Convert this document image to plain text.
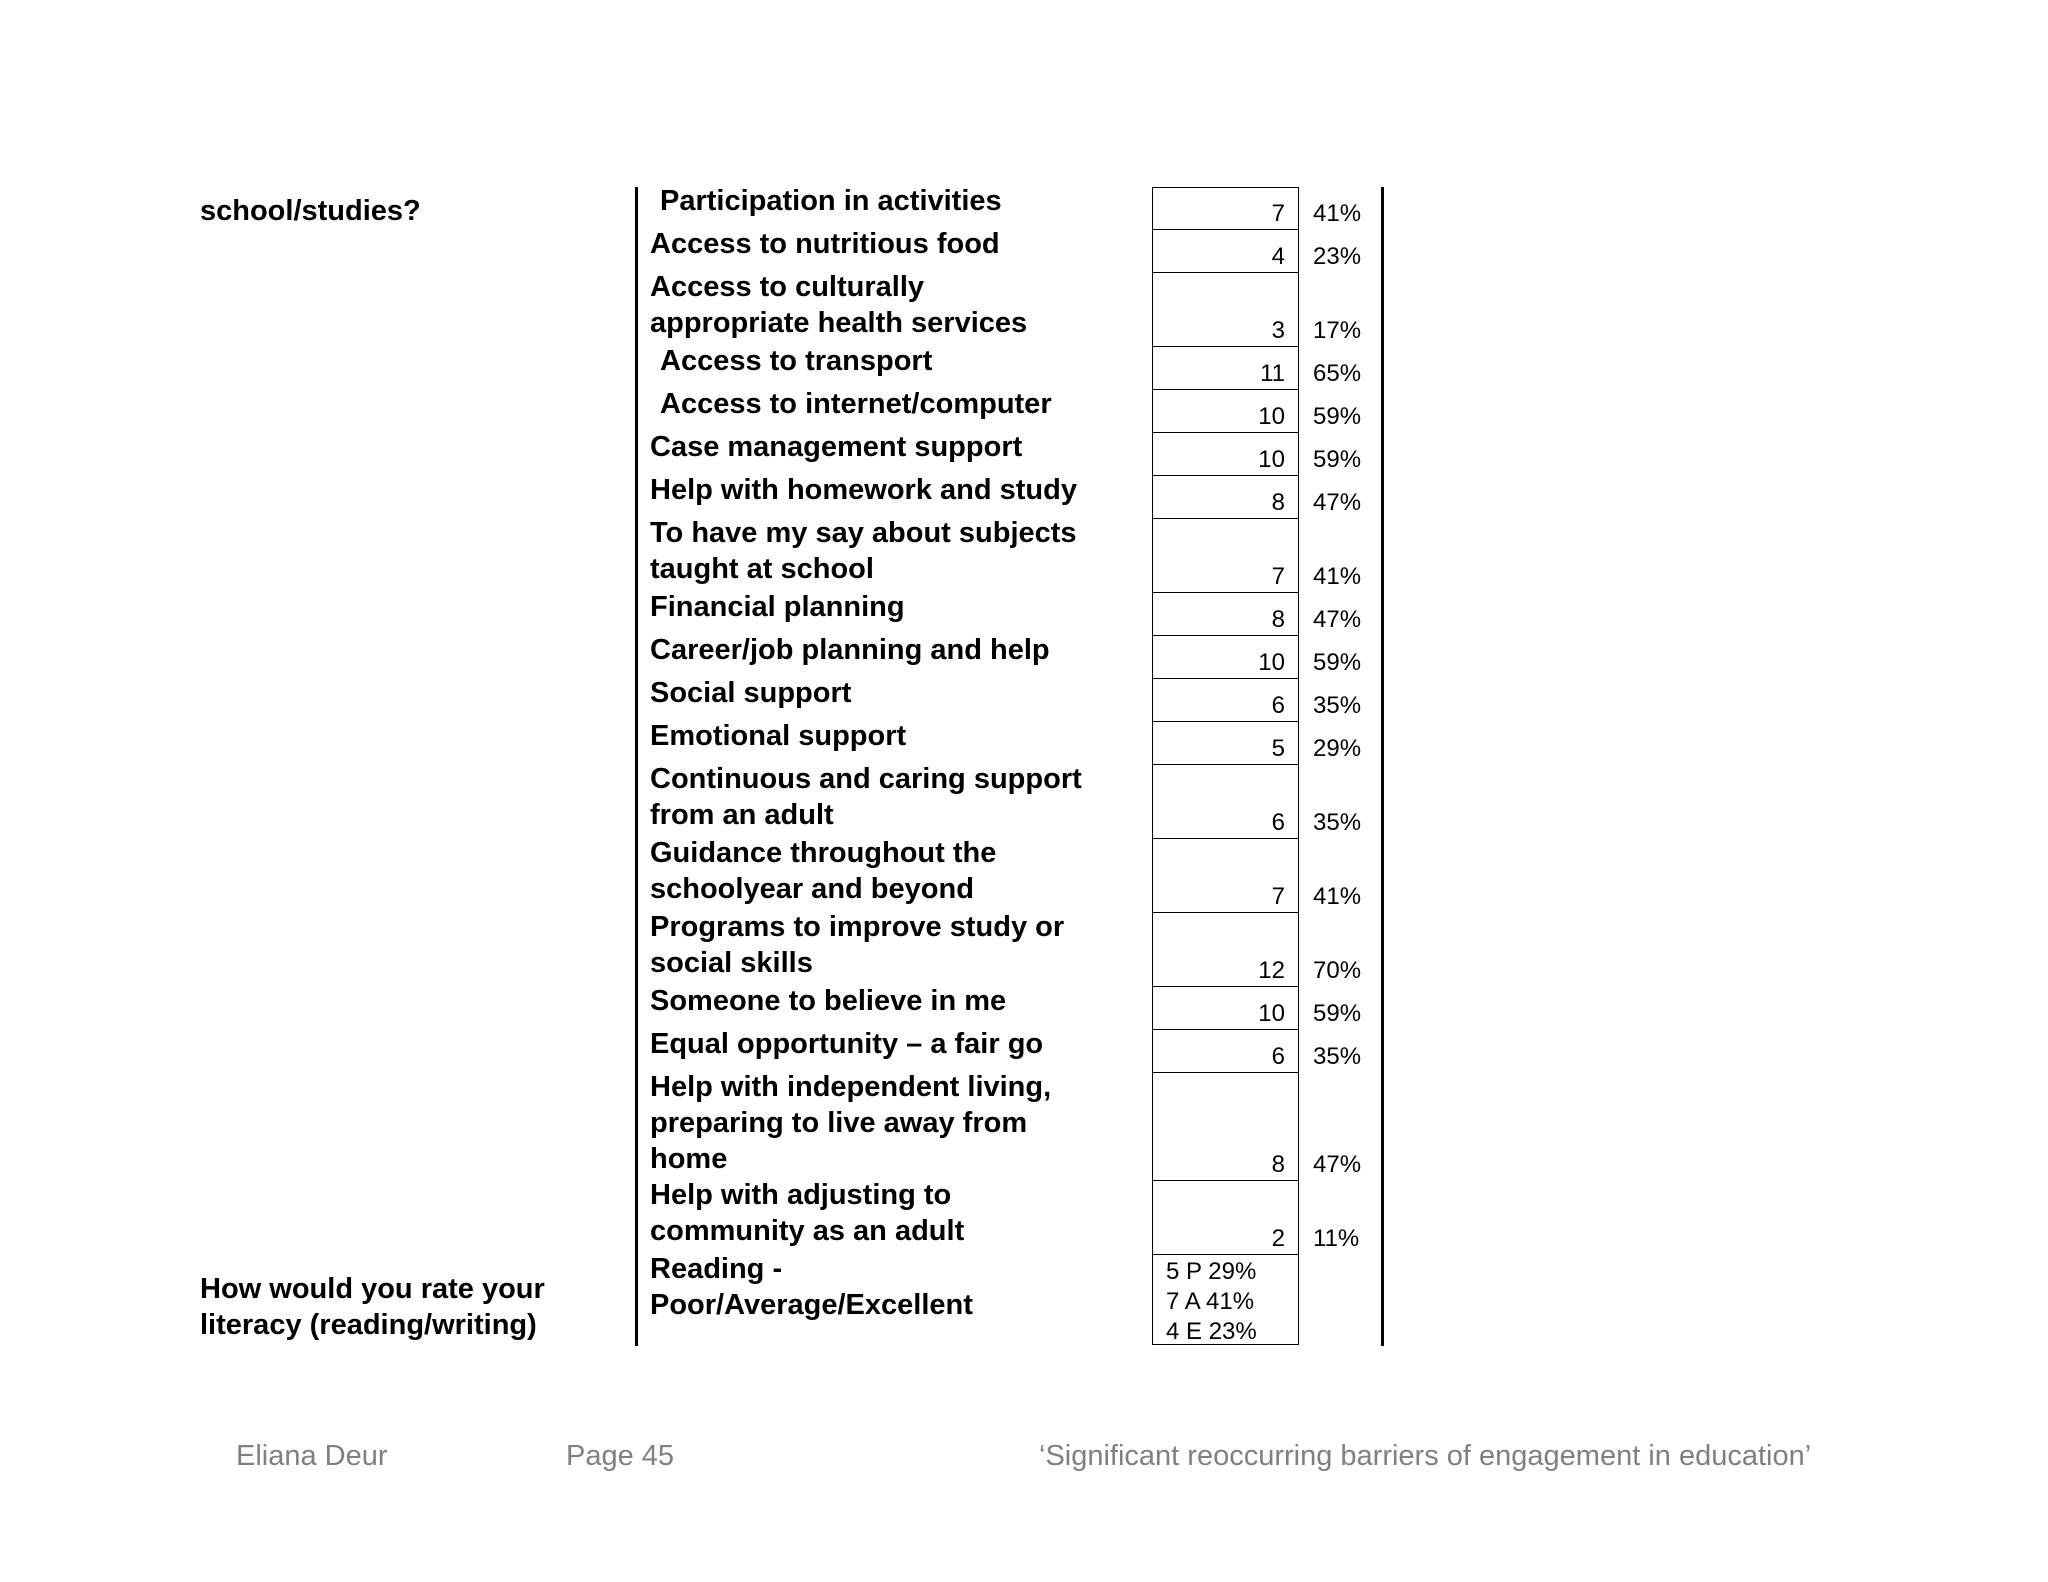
school/studies?
How would you rate your
literacy (reading/writing)
Participation in activities	7 41%
Access to nutritious food	4 23%
Access to culturally
appropriate health services	3 17%
Access to transport	11 65%
Access to internet/computer	10 59%
Case management support	10 59%
Help with homework and study	8 47%
To have my say about subjects
taught at school	7 41%
Financial planning	8 47%
Career/job planning and help	10 59%
Social support	6 35%
Emotional support	5 29%
Continuous and caring support
from an adult	6 35%
Guidance throughout the
schoolyear and beyond	7 41%
Programs to improve study or
social skills	12 70%
Someone to believe in me	10 59%
Equal opportunity – a fair go	6 35%
Help with independent living,
preparing to live away from
home	8 47%
Help with adjusting to
community as an adult	2 11%
Reading -
Poor/Average/Excellent
5 P 29%
7 A 41%
4 E 23%
Eliana Deur	Page 45	‘Significant reoccurring barriers of engagement in education’
